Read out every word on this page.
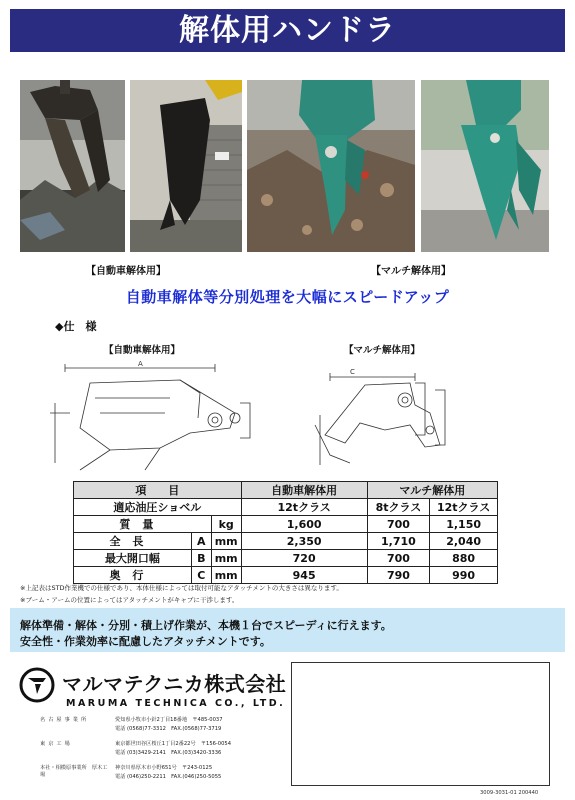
解体用ハンドラ
【自動車解体用】	【マルチ解体用】
自動車解体等分別処理を大幅にスピードアップ
◆仕　様
【自動車解体用】	【マルチ解体用】
A
C
項　　目			自動車解体用	マルチ解体用	
適応油圧ショベル			12tクラス	8tクラス	12tクラス
質量		kg	1,600	700	1,150
全長	A	mm	2,350	1,710	2,040
最大開口幅	B	mm	720	700	880
奥行	C	mm	945	790	990
※上記表はSTD作業機での仕様であり、本体仕様によっては取付可能なアタッチメントの大きさは異なります。
※ブーム・アームの位置によってはアタッチメントがキャブに干渉します。
解体準備・解体・分別・積上げ作業が、本機１台でスピーディに行えます。
安全性・作業効率に配慮したアタッチメントです。
マルマテクニカ株式会社
MARUMA TECHNICA CO., LTD.
名古屋事業所	愛知県小牧市小針2丁目18番地　〒485-0037
電話 (0568)77-3312　FAX.(0568)77-3719
東京工場	東京都世田谷区桜丘1丁目2番22号　〒156-0054
電話 (03)3429-2141　FAX.(03)3420-3336
本社・相模原事業所　厚木工場
神奈川県厚木市小野651号　〒243-0125
電話 (046)250-2211　FAX.(046)250-5055
3009-3031-01 200440
